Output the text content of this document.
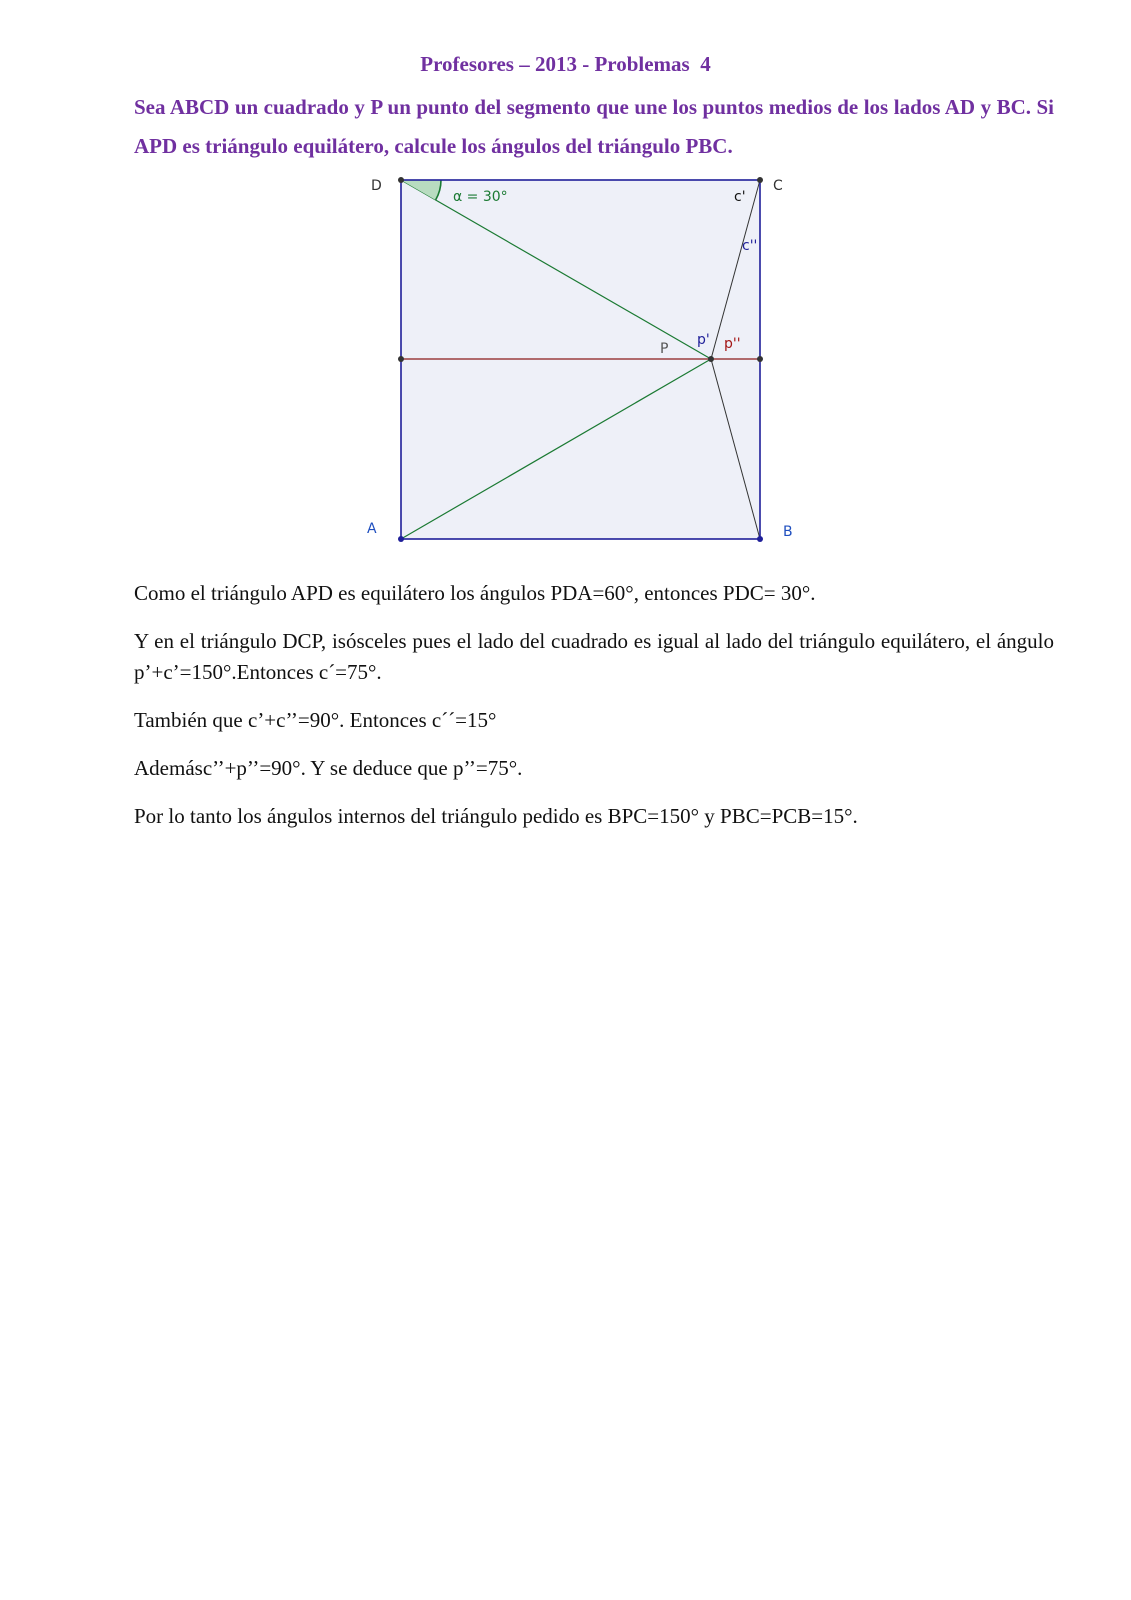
Profesores – 2013 - Problemas  4
Sea ABCD un cuadrado y P un punto del segmento que une los puntos medios de los lados AD y BC. Si APD es triángulo equilátero, calcule los ángulos del triángulo PBC.
D	C
A	B
P
α = 30°	c'
c''
p' p''

Como el triángulo APD es equilátero los ángulos PDA=60°, entonces PDC= 30°.

Y en el triángulo DCP, isósceles pues el lado del cuadrado es igual al lado del triángulo equilátero, el ángulo p’+c’=150°.Entonces c´=75°.

También que c’+c’’=90°. Entonces c´´=15°

Ademásc’’+p’’=90°. Y se deduce que p’’=75°.

Por lo tanto los ángulos internos del triángulo pedido es BPC=150° y PBC=PCB=15°.
